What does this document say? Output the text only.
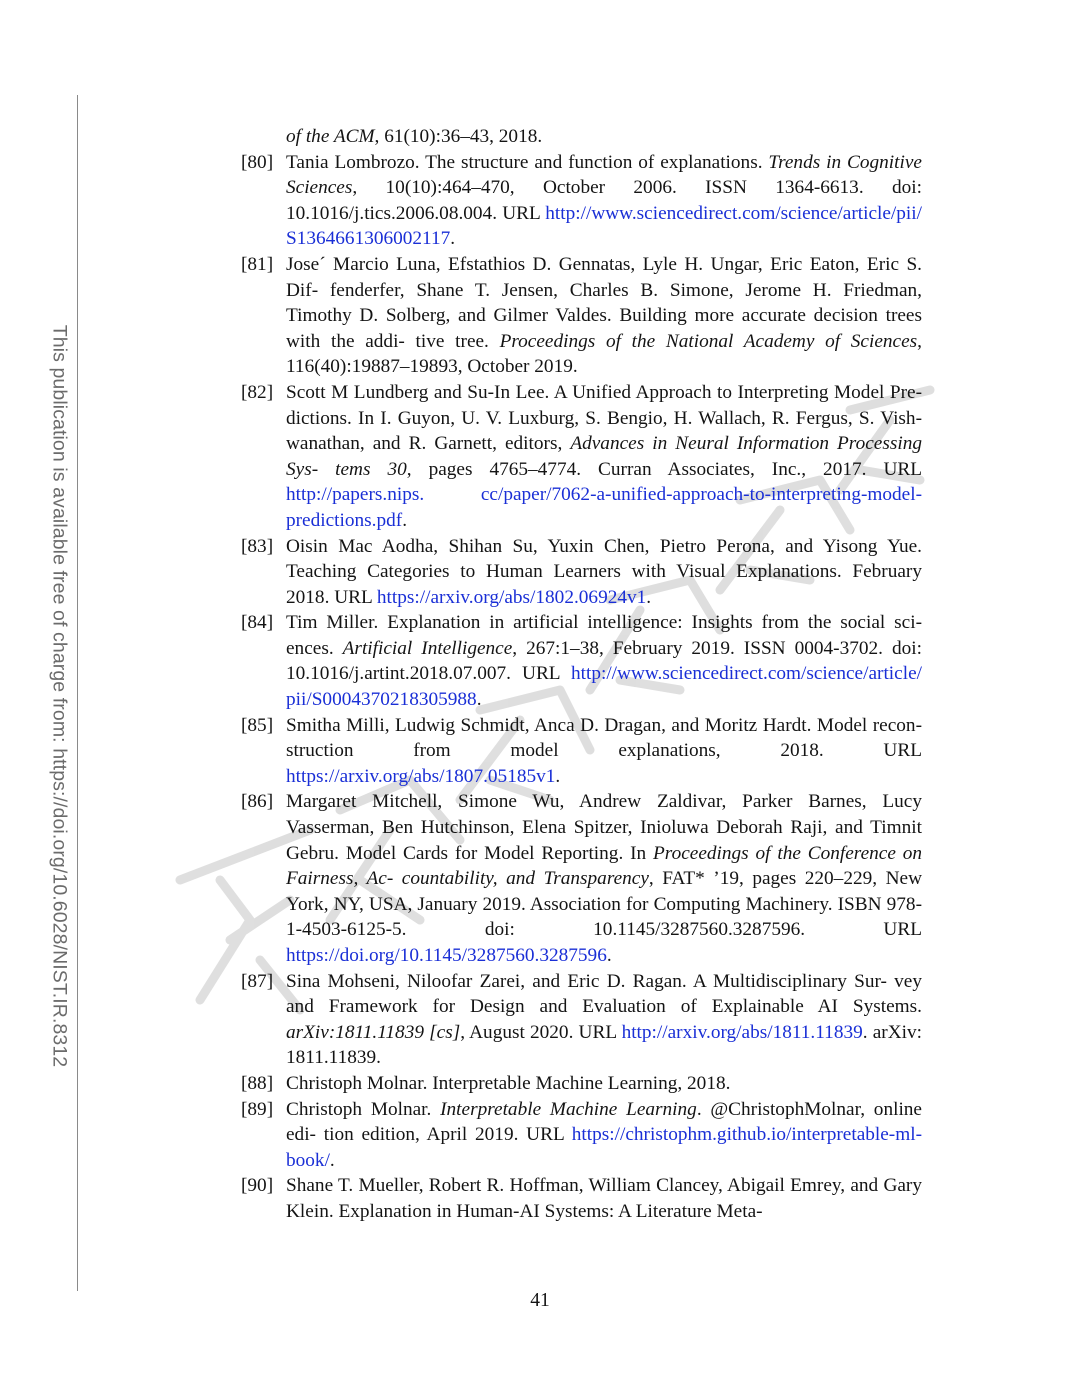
This publication is available free of charge from: https://doi.org/10.6028/NIST.IR.8312
of the ACM, 61(10):36–43, 2018.
[80] Tania Lombrozo. The structure and function of explanations. Trends in Cognitive Sciences, 10(10):464–470, October 2006. ISSN 1364-6613. doi: 10.1016/j.tics.2006.08.004. URL http://www.sciencedirect.com/science/article/pii/ S1364661306002117.
[81] Jose´ Marcio Luna, Efstathios D. Gennatas, Lyle H. Ungar, Eric Eaton, Eric S. Dif- fenderfer, Shane T. Jensen, Charles B. Simone, Jerome H. Friedman, Timothy D. Solberg, and Gilmer Valdes. Building more accurate decision trees with the addi- tive tree. Proceedings of the National Academy of Sciences, 116(40):19887–19893, October 2019.
[82] Scott M Lundberg and Su-In Lee. A Unified Approach to Interpreting Model Pre- dictions. In I. Guyon, U. V. Luxburg, S. Bengio, H. Wallach, R. Fergus, S. Vish- wanathan, and R. Garnett, editors, Advances in Neural Information Processing Sys- tems 30, pages 4765–4774. Curran Associates, Inc., 2017. URL http://papers.nips. cc/paper/7062-a-unified-approach-to-interpreting-model-predictions.pdf.
[83] Oisin Mac Aodha, Shihan Su, Yuxin Chen, Pietro Perona, and Yisong Yue. Teaching Categories to Human Learners with Visual Explanations. February 2018. URL https://arxiv.org/abs/1802.06924v1.
[84] Tim Miller. Explanation in artificial intelligence: Insights from the social sci- ences. Artificial Intelligence, 267:1–38, February 2019. ISSN 0004-3702. doi: 10.1016/j.artint.2018.07.007. URL http://www.sciencedirect.com/science/article/ pii/S0004370218305988.
[85] Smitha Milli, Ludwig Schmidt, Anca D. Dragan, and Moritz Hardt. Model recon- struction from model explanations, 2018. URL https://arxiv.org/abs/1807.05185v1.
[86] Margaret Mitchell, Simone Wu, Andrew Zaldivar, Parker Barnes, Lucy Vasserman, Ben Hutchinson, Elena Spitzer, Inioluwa Deborah Raji, and Timnit Gebru. Model Cards for Model Reporting. In Proceedings of the Conference on Fairness, Ac- countability, and Transparency, FAT* ’19, pages 220–229, New York, NY, USA, January 2019. Association for Computing Machinery. ISBN 978-1-4503-6125-5. doi: 10.1145/3287560.3287596. URL https://doi.org/10.1145/3287560.3287596.
[87] Sina Mohseni, Niloofar Zarei, and Eric D. Ragan. A Multidisciplinary Sur- vey and Framework for Design and Evaluation of Explainable AI Systems. arXiv:1811.11839 [cs], August 2020. URL http://arxiv.org/abs/1811.11839. arXiv: 1811.11839.
[88] Christoph Molnar. Interpretable Machine Learning, 2018.
[89] Christoph Molnar. Interpretable Machine Learning. @ChristophMolnar, online edi- tion edition, April 2019. URL https://christophm.github.io/interpretable-ml-book/.
[90] Shane T. Mueller, Robert R. Hoffman, William Clancey, Abigail Emrey, and Gary Klein. Explanation in Human-AI Systems: A Literature Meta-
41
